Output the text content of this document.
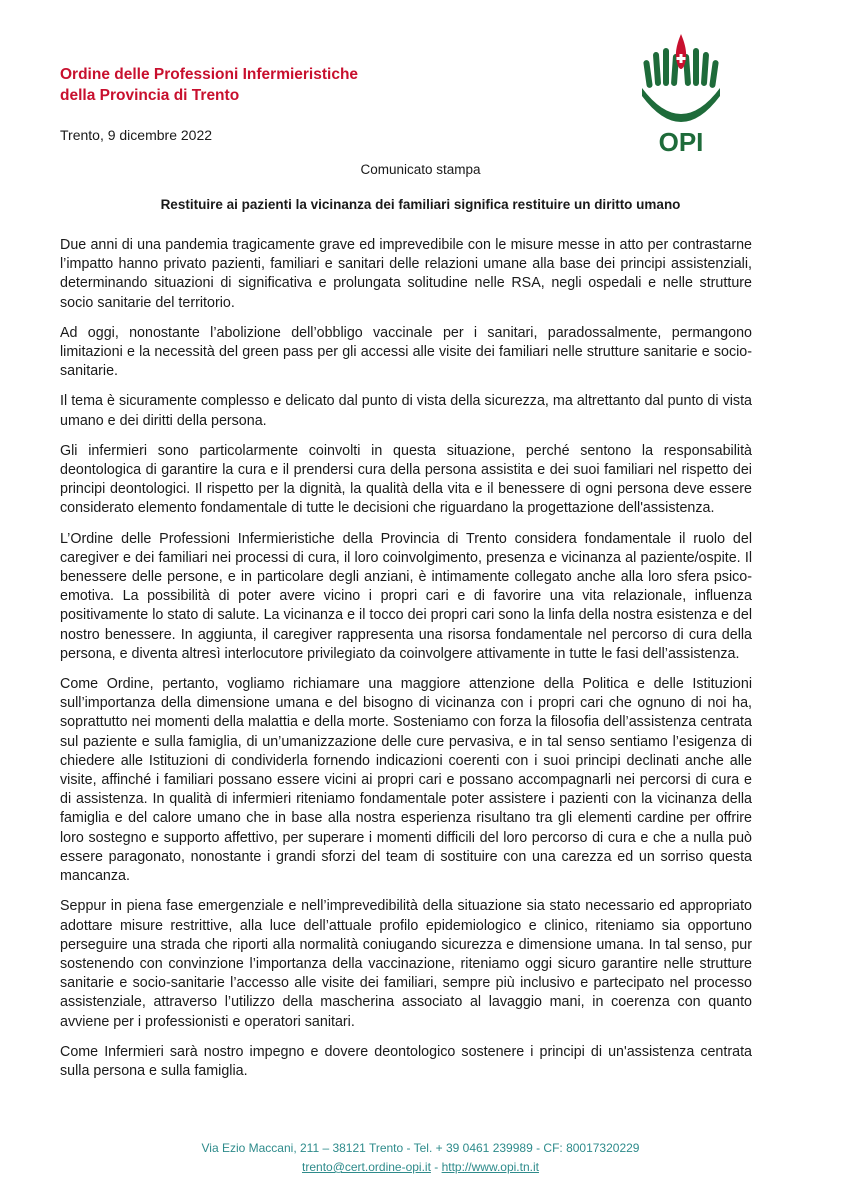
Ordine delle Professioni Infermieristiche
della Provincia di Trento
OPI
Trento, 9 dicembre 2022
Comunicato stampa
Restituire ai pazienti la vicinanza dei familiari significa restituire un diritto umano

Due anni di una pandemia tragicamente grave ed imprevedibile con le misure messe in atto per contrastarne l’impatto hanno privato pazienti, familiari e sanitari delle relazioni umane alla base dei principi assistenziali, determinando situazioni di significativa e prolungata solitudine nelle RSA, negli ospedali e nelle strutture socio sanitarie del territorio.

Ad oggi, nonostante l’abolizione dell’obbligo vaccinale per i sanitari, paradossalmente, permangono limitazioni e la necessità del green pass per gli accessi alle visite dei familiari nelle strutture sanitarie e socio-sanitarie.

Il tema è sicuramente complesso e delicato dal punto di vista della sicurezza, ma altrettanto dal punto di vista umano e dei diritti della persona.

Gli infermieri sono particolarmente coinvolti in questa situazione, perché sentono la responsabilità deontologica di garantire la cura e il prendersi cura della persona assistita e dei suoi familiari nel rispetto dei principi deontologici. Il rispetto per la dignità, la qualità della vita e il benessere di ogni persona deve essere considerato elemento fondamentale di tutte le decisioni che riguardano la progettazione dell'assistenza.

L’Ordine delle Professioni Infermieristiche della Provincia di Trento considera fondamentale il ruolo del caregiver e dei familiari nei processi di cura, il loro coinvolgimento, presenza e vicinanza al paziente/ospite. Il benessere delle persone, e in particolare degli anziani, è intimamente collegato anche alla loro sfera psico-emotiva. La possibilità di poter avere vicino i propri cari e di favorire una vita relazionale, influenza positivamente lo stato di salute. La vicinanza e il tocco dei propri cari sono la linfa della nostra esistenza e del nostro benessere. In aggiunta, il caregiver rappresenta una risorsa fondamentale nel percorso di cura della persona, e diventa altresì interlocutore privilegiato da coinvolgere attivamente in tutte le fasi dell’assistenza.

Come Ordine, pertanto, vogliamo richiamare una maggiore attenzione della Politica e delle Istituzioni sull’importanza della dimensione umana e del bisogno di vicinanza con i propri cari che ognuno di noi ha, soprattutto nei momenti della malattia e della morte. Sosteniamo con forza la filosofia dell’assistenza centrata sul paziente e sulla famiglia, di un’umanizzazione delle cure pervasiva, e in tal senso sentiamo l’esigenza di chiedere alle Istituzioni di condividerla fornendo indicazioni coerenti con i suoi principi declinati anche alle visite, affinché i familiari possano essere vicini ai propri cari e possano accompagnarli nei percorsi di cura e di assistenza. In qualità di infermieri riteniamo fondamentale poter assistere i pazienti con la vicinanza della famiglia e del calore umano che in base alla nostra esperienza risultano tra gli elementi cardine per offrire loro sostegno e supporto affettivo, per superare i momenti difficili del loro percorso di cura e che a nulla può essere paragonato, nonostante i grandi sforzi del team di sostituire con una carezza ed un sorriso questa mancanza.

Seppur in piena fase emergenziale e nell’imprevedibilità della situazione sia stato necessario ed appropriato adottare misure restrittive, alla luce dell’attuale profilo epidemiologico e clinico, riteniamo sia opportuno perseguire una strada che riporti alla normalità coniugando sicurezza e dimensione umana. In tal senso, pur sostenendo con convinzione l’importanza della vaccinazione, riteniamo oggi sicuro garantire nelle strutture sanitarie e socio-sanitarie l’accesso alle visite dei familiari, sempre più inclusivo e partecipato nel processo assistenziale, attraverso l’utilizzo della mascherina associato al lavaggio mani, in coerenza con quanto avviene per i professionisti e operatori sanitari.

Come Infermieri sarà nostro impegno e dovere deontologico sostenere i principi di un'assistenza centrata sulla persona e sulla famiglia.

Via Ezio Maccani, 211 – 38121 Trento - Tel. + 39 0461 239989 - CF: 80017320229
trento@cert.ordine-opi.it - http://www.opi.tn.it
